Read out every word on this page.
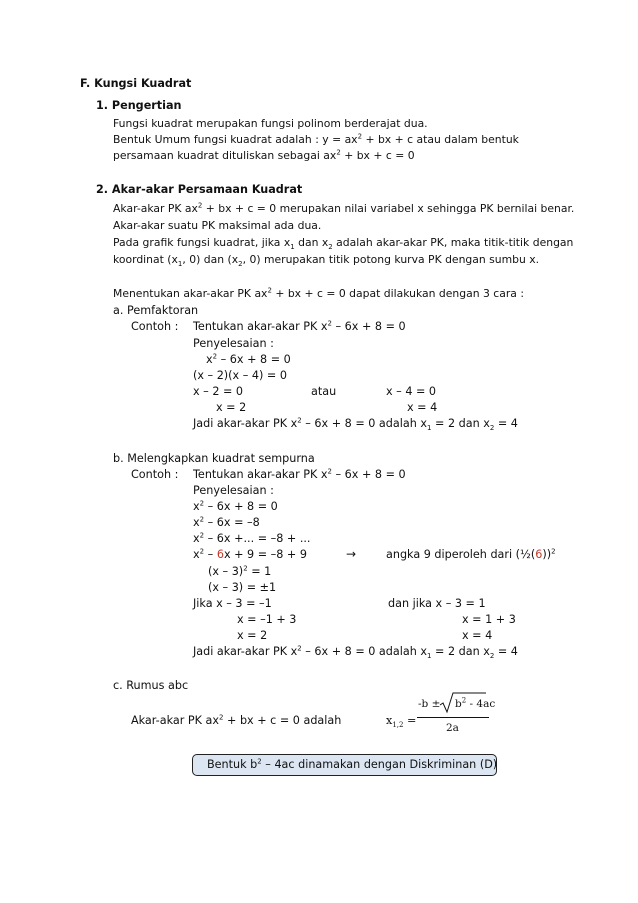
F. Kungsi Kuadrat
1. Pengertian
Fungsi kuadrat merupakan fungsi polinom berderajat dua.
Bentuk Umum fungsi kuadrat adalah : $y = ax^2$ + bx + c atau dalam bentuk
persamaan kuadrat dituliskan sebagai $ax^2$ + bx + c = 0
2. Akar-akar Persamaan Kuadrat
Akar-akar PK $ax^2$ + bx + c = 0 merupakan nilai variabel x sehingga PK bernilai benar.
Akar-akar suatu PK maksimal ada dua.
Pada grafik fungsi kuadrat, jika $x_1$ dan $x_2$ adalah akar-akar PK, maka titik-titik dengan
koordinat ($x_1$, 0) dan ($x_2$, 0) merupakan titik potong kurva PK dengan sumbu x.
Menentukan akar-akar PK $ax^2$ + bx + c = 0 dapat dilakukan dengan 3 cara :
a. Pemfaktoran
Contoh : Tentukan akar-akar PK $x^2 - 6x + 8 = 0$
Penyelesaian :
$x^2 - 6x + 8 = 0$
(x – 2)(x – 4) = 0
x – 2 = 0	atau	x – 4 = 0
x = 2	x = 4
Jadi akar-akar PK $x^2 - 6x + 8 = 0$ adalah $x_1 = 2$ dan $x_2 = 4$
b. Melengkapkan kuadrat sempurna
Contoh : Tentukan akar-akar PK $x^2 - 6x + 8 = 0$
Penyelesaian :
$x^2 - 6x + 8 = 0$
$x^2 - 6x = -8$
$x^2 - 6x$ +... = –8 + ...
$x^2 - 6x + 9 = -8 + 9$	→	angka 9 diperoleh dari (½(6))$^2$
(x – 3)$^2$ = 1
(x – 3) = ±1
Jika x – 3 = –1	dan jika x – 3 = 1
x = –1 + 3	x = 1 + 3
x = 2	x = 4
Jadi akar-akar PK $x^2 - 6x + 8 = 0$ adalah $x_1 = 2$ dan $x_2 = 4$
c. Rumus abc
Akar-akar PK $ax^2$ + bx + c = 0 adalah	$x_{1,2}$ =
$-b \pm b^2 - 4ac$
2a
Bentuk $b^2 - 4ac$ dinamakan dengan Diskriminan (D)
